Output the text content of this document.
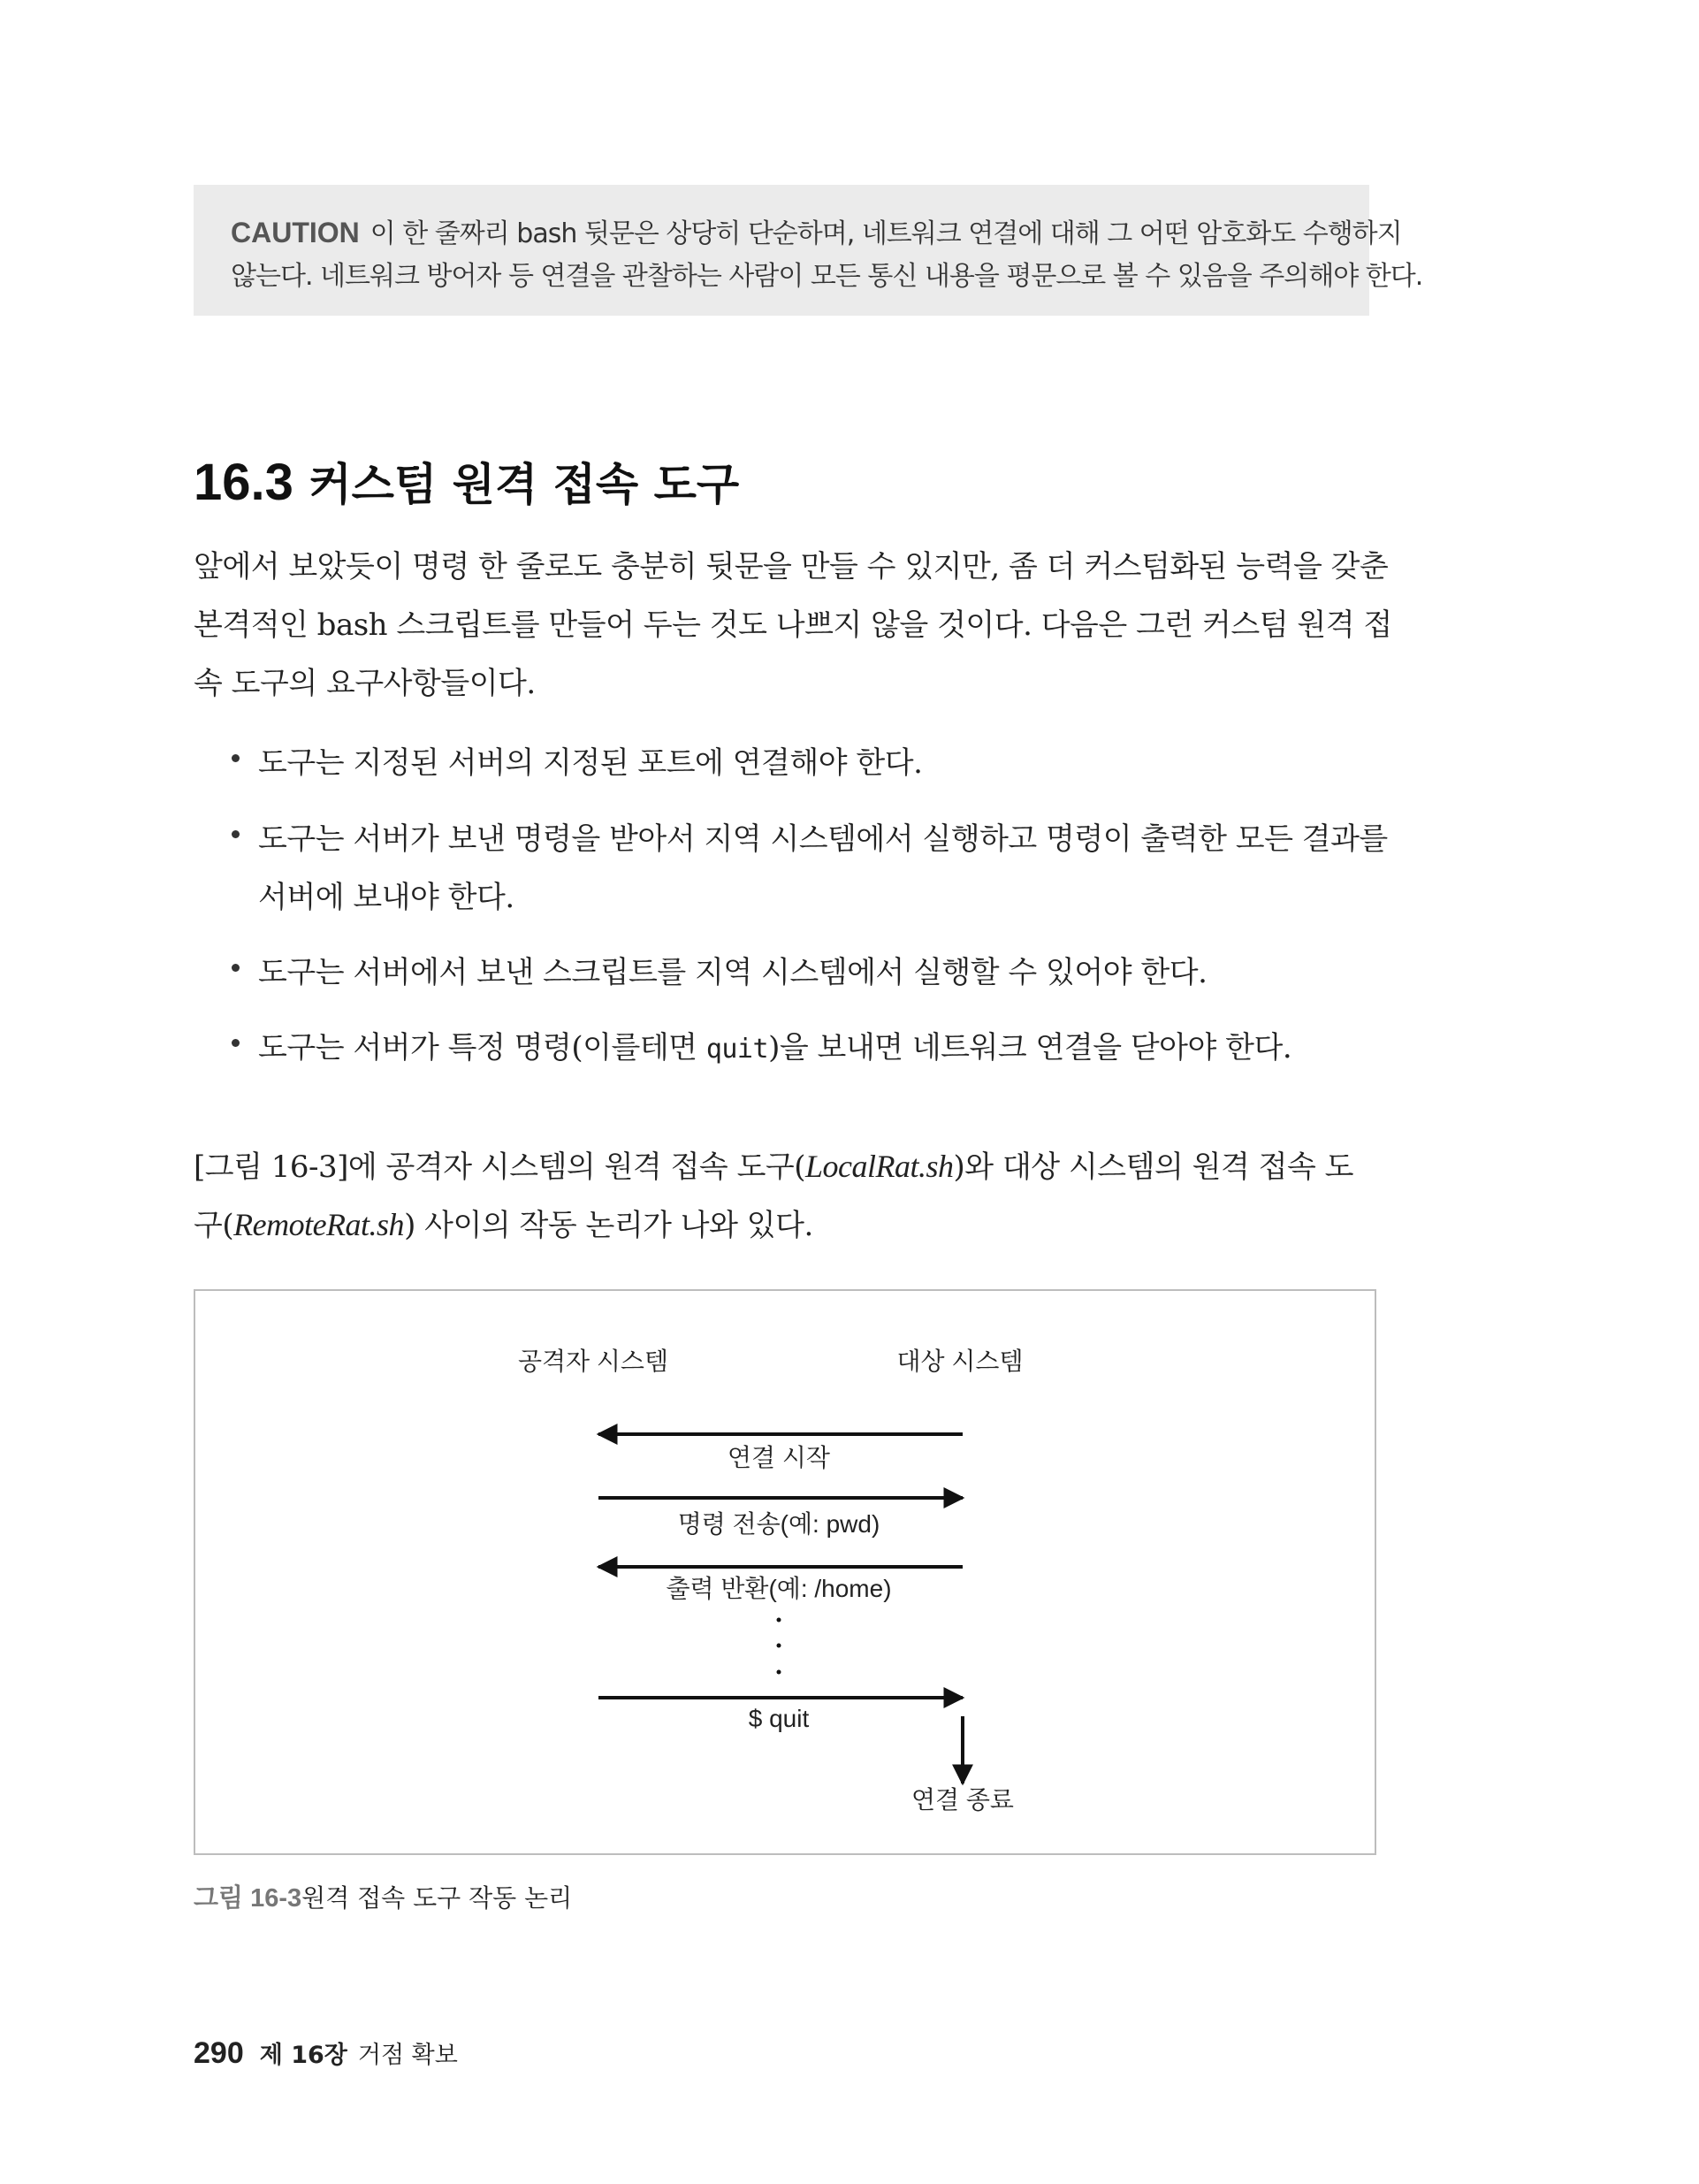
CAUTION 이 한 줄짜리 bash 뒷문은 상당히 단순하며, 네트워크 연결에 대해 그 어떤 암호화도 수행하지
않는다. 네트워크 방어자 등 연결을 관찰하는 사람이 모든 통신 내용을 평문으로 볼 수 있음을 주의해야 한다.
16.3 커스텀 원격 접속 도구
앞에서 보았듯이 명령 한 줄로도 충분히 뒷문을 만들 수 있지만, 좀 더 커스텀화된 능력을 갖춘
본격적인 bash 스크립트를 만들어 두는 것도 나쁘지 않을 것이다. 다음은 그런 커스텀 원격 접
속 도구의 요구사항들이다.
도구는 지정된 서버의 지정된 포트에 연결해야 한다.
도구는 서버가 보낸 명령을 받아서 지역 시스템에서 실행하고 명령이 출력한 모든 결과를
서버에 보내야 한다.
도구는 서버에서 보낸 스크립트를 지역 시스템에서 실행할 수 있어야 한다.
도구는 서버가 특정 명령(이를테면 quit)을 보내면 네트워크 연결을 닫아야 한다.
[그림 16-3]에 공격자 시스템의 원격 접속 도구(LocalRat.sh)와 대상 시스템의 원격 접속 도
구(RemoteRat.sh) 사이의 작동 논리가 나와 있다.
공격자 시스템	대상 시스템
연결 시작
명령 전송(예: pwd)
출력 반환(예: /home)
$ quit
연결 종료
그림 16-3원격 접속 도구 작동 논리
290 제 16장 거점 확보
